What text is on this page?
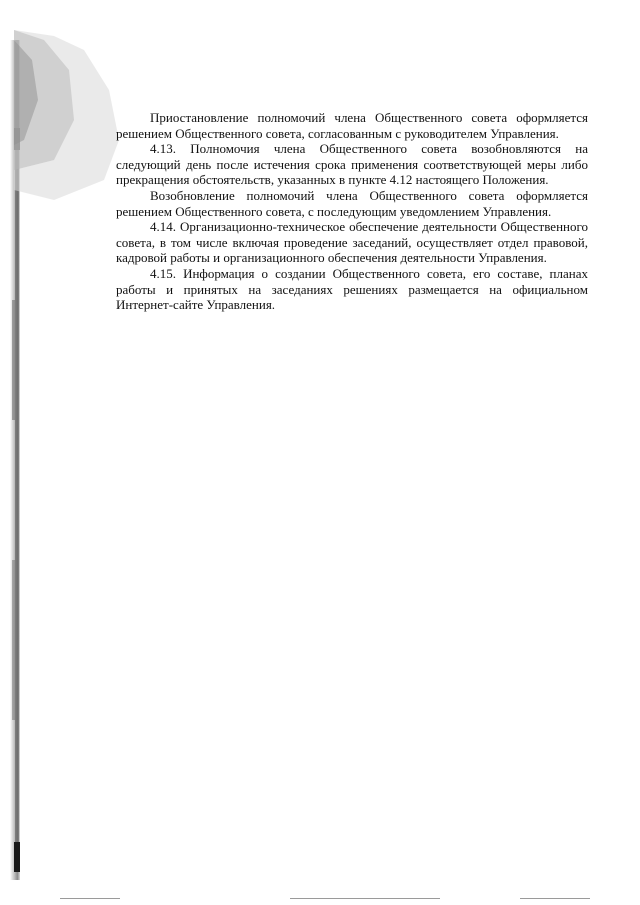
Приостановление полномочий члена Общественного совета оформляется решением Общественного совета, согласованным с руководителем Управления.

4.13. Полномочия члена Общественного совета возобновляются на следующий день после истечения срока применения соответствующей меры либо прекращения обстоятельств, указанных в пункте 4.12 настоящего Положения.

Возобновление полномочий члена Общественного совета оформляется решением Общественного совета, с последующим уведомлением Управления.

4.14. Организационно-техническое обеспечение деятельности Общественного совета, в том числе включая проведение заседаний, осуществляет отдел правовой, кадровой работы и организационного обеспечения деятельности Управления.

4.15. Информация о создании Общественного совета, его составе, планах работы и принятых на заседаниях решениях размещается на официальном Интернет-сайте Управления.
